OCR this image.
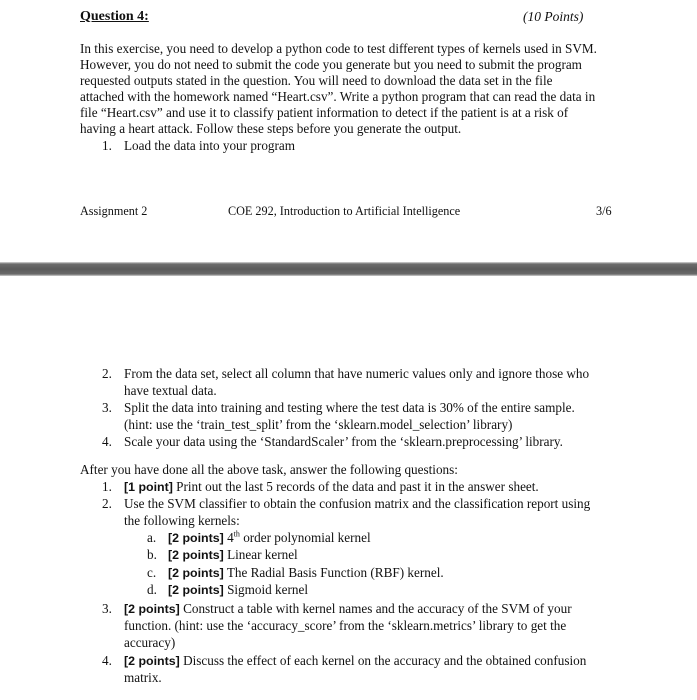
Question 4:	(10 Points)
In this exercise, you need to develop a python code to test different types of kernels used in SVM.
However, you do not need to submit the code you generate but you need to submit the program
requested outputs stated in the question. You will need to download the data set in the file
attached with the homework named “Heart.csv”. Write a python program that can read the data in
file “Heart.csv” and use it to classify patient information to detect if the patient is at a risk of
having a heart attack. Follow these steps before you generate the output.
1. Load the data into your program
Assignment 2	COE 292, Introduction to Artificial Intelligence	3/6
2. From the data set, select all column that have numeric values only and ignore those who
have textual data.
3. Split the data into training and testing where the test data is 30% of the entire sample.
(hint: use the ‘train_test_split’ from the ‘sklearn.model_selection’ library)
4. Scale your data using the ‘StandardScaler’ from the ‘sklearn.preprocessing’ library.
After you have done all the above task, answer the following questions:
1. [1 point] Print out the last 5 records of the data and past it in the answer sheet.
2. Use the SVM classifier to obtain the confusion matrix and the classification report using
the following kernels:
a. [2 points] 4th order polynomial kernel
b. [2 points] Linear kernel
c. [2 points] The Radial Basis Function (RBF) kernel.
d. [2 points] Sigmoid kernel
3. [2 points] Construct a table with kernel names and the accuracy of the SVM of your
function. (hint: use the ‘accuracy_score’ from the ‘sklearn.metrics’ library to get the
accuracy)
4. [2 points] Discuss the effect of each kernel on the accuracy and the obtained confusion
matrix.
